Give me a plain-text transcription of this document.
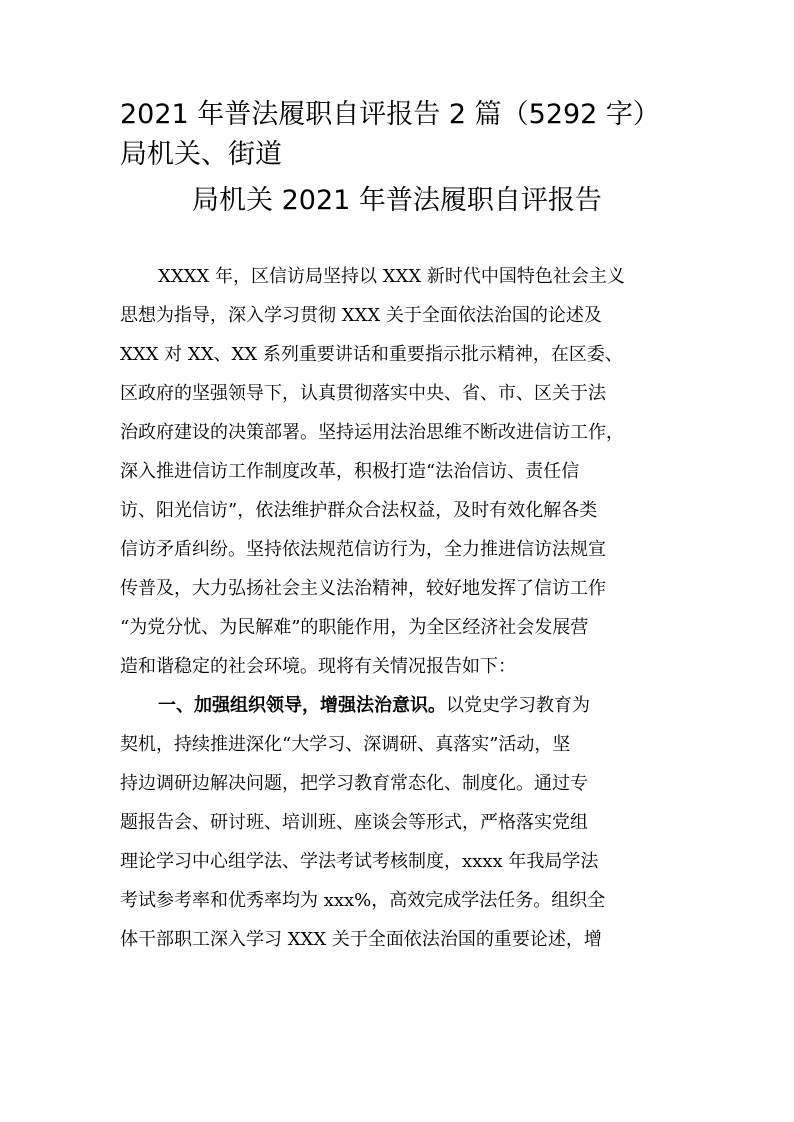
2021 年普法履职自评报告 2 篇（5292 字）
局机关、街道
局机关 2021 年普法履职自评报告
XXXX 年，区信访局坚持以 XXX 新时代中国特色社会主义
思想为指导，深入学习贯彻 XXX 关于全面依法治国的论述及
XXX 对 XX、XX 系列重要讲话和重要指示批示精神，在区委、
区政府的坚强领导下，认真贯彻落实中央、省、市、区关于法
治政府建设的决策部署。坚持运用法治思维不断改进信访工作，
深入推进信访工作制度改革，积极打造“法治信访、责任信
访、阳光信访”，依法维护群众合法权益，及时有效化解各类
信访矛盾纠纷。坚持依法规范信访行为，全力推进信访法规宣
传普及，大力弘扬社会主义法治精神，较好地发挥了信访工作
“为党分忧、为民解难”的职能作用，为全区经济社会发展营
造和谐稳定的社会环境。现将有关情况报告如下：
一、加强组织领导，增强法治意识。以党史学习教育为
契机，持续推进深化“大学习、深调研、真落实”活动，坚
持边调研边解决问题，把学习教育常态化、制度化。通过专
题报告会、研讨班、培训班、座谈会等形式，严格落实党组
理论学习中心组学法、学法考试考核制度，xxxx 年我局学法
考试参考率和优秀率均为 xxx%，高效完成学法任务。组织全
体干部职工深入学习 XXX 关于全面依法治国的重要论述，增
